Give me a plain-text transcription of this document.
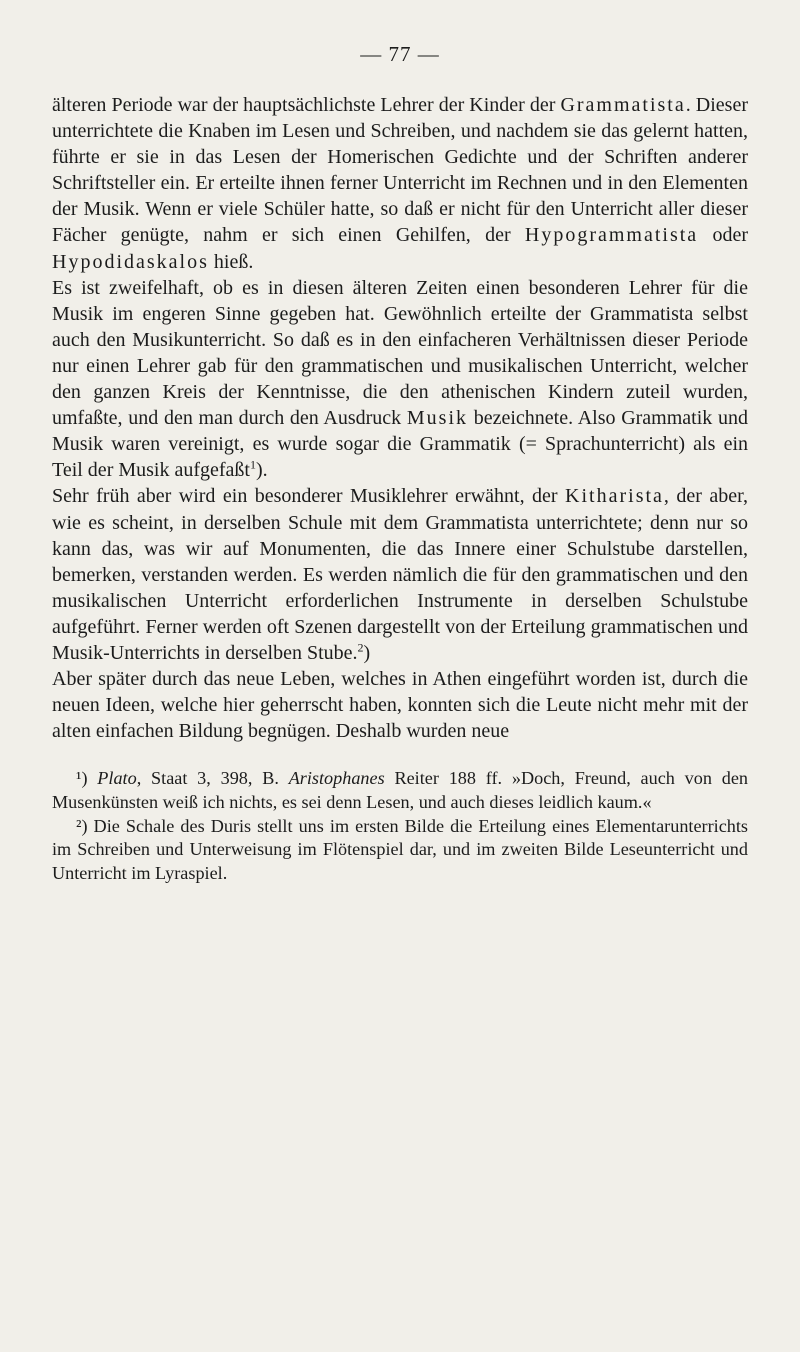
— 77 —

älteren Periode war der hauptsächlichste Lehrer der Kinder der Grammatista. Dieser unterrichtete die Knaben im Lesen und Schreiben, und nachdem sie das gelernt hatten, führte er sie in das Lesen der Homerischen Gedichte und der Schriften anderer Schriftsteller ein. Er erteilte ihnen ferner Unterricht im Rechnen und in den Elementen der Musik. Wenn er viele Schüler hatte, so daß er nicht für den Unterricht aller dieser Fächer genügte, nahm er sich einen Gehilfen, der Hypogrammatista oder Hypodidaskalos hieß.

Es ist zweifelhaft, ob es in diesen älteren Zeiten einen besonderen Lehrer für die Musik im engeren Sinne gegeben hat. Gewöhnlich erteilte der Grammatista selbst auch den Musikunterricht. So daß es in den einfacheren Verhältnissen dieser Periode nur einen Lehrer gab für den grammatischen und musikalischen Unterricht, welcher den ganzen Kreis der Kenntnisse, die den athenischen Kindern zuteil wurden, umfaßte, und den man durch den Ausdruck Musik bezeichnete. Also Grammatik und Musik waren vereinigt, es wurde sogar die Grammatik (= Sprachunterricht) als ein Teil der Musik aufgefaßt$^1$).

Sehr früh aber wird ein besonderer Musiklehrer erwähnt, der Kitharista, der aber, wie es scheint, in derselben Schule mit dem Grammatista unterrichtete; denn nur so kann das, was wir auf Monumenten, die das Innere einer Schulstube darstellen, bemerken, verstanden werden. Es werden nämlich die für den grammatischen und den musikalischen Unterricht erforderlichen Instrumente in derselben Schulstube aufgeführt. Ferner werden oft Szenen dargestellt von der Erteilung grammatischen und Musik-Unterrichts in derselben Stube.$^2$)

Aber später durch das neue Leben, welches in Athen eingeführt worden ist, durch die neuen Ideen, welche hier geherrscht haben, konnten sich die Leute nicht mehr mit der alten einfachen Bildung begnügen. Deshalb wurden neue

¹) Plato, Staat 3, 398, B. Aristophanes Reiter 188 ff. »Doch, Freund, auch von den Musenkünsten weiß ich nichts, es sei denn Lesen, und auch dieses leidlich kaum.«

²) Die Schale des Duris stellt uns im ersten Bilde die Erteilung eines Elementarunterrichts im Schreiben und Unterweisung im Flötenspiel dar, und im zweiten Bilde Leseunterricht und Unterricht im Lyraspiel.
